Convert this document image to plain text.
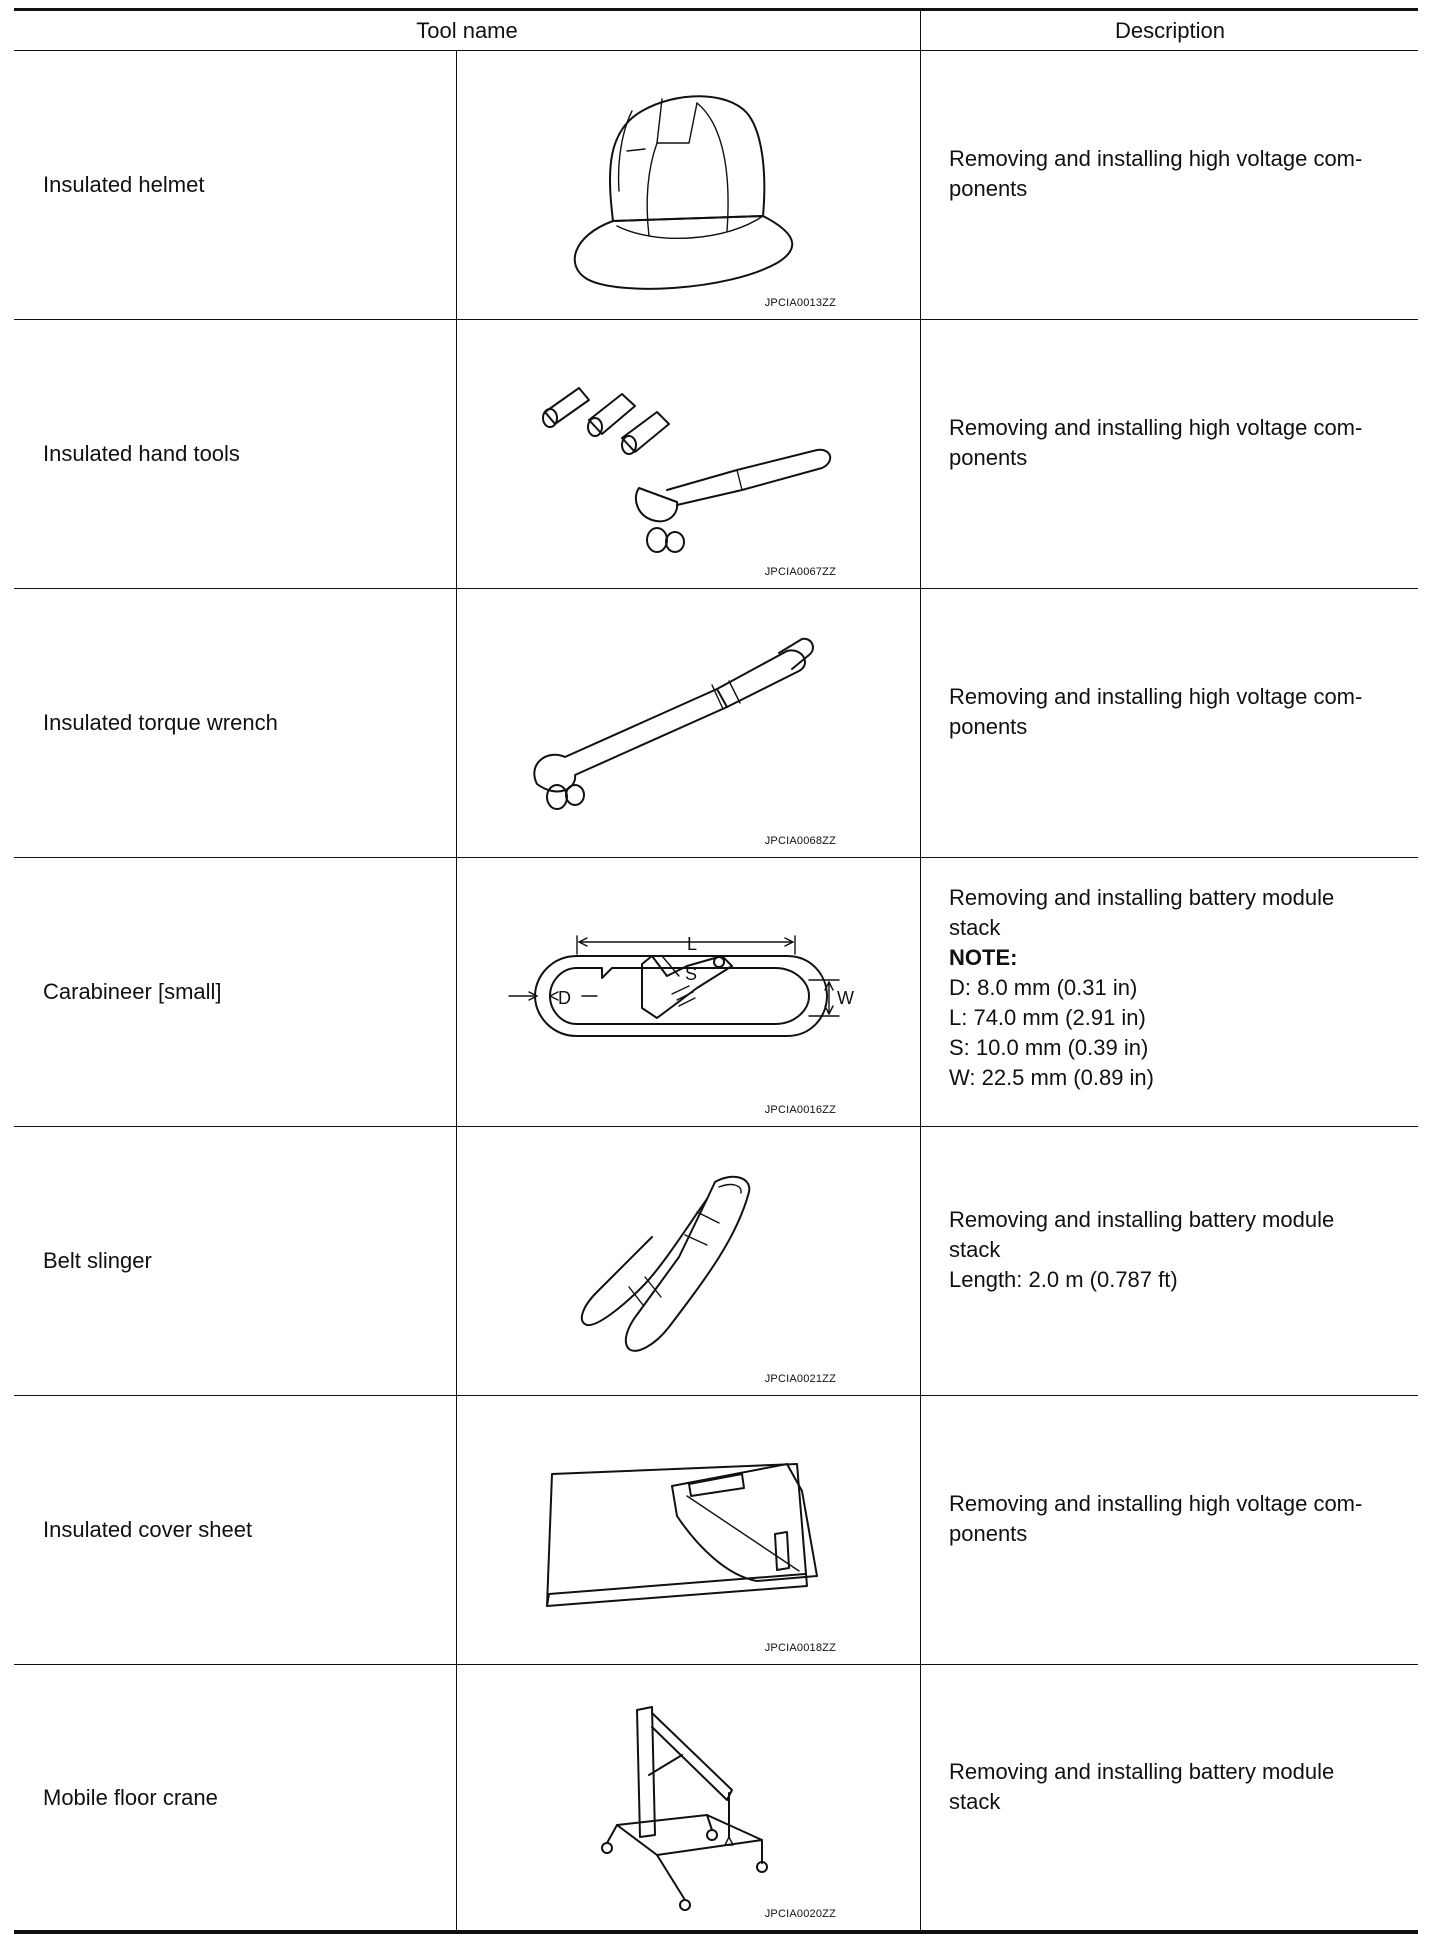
Tool name	Description
Insulated helmet
JPCIA0013ZZ
Removing and installing high voltage com-
ponents
Insulated hand tools
JPCIA0067ZZ
Removing and installing high voltage com-
ponents
Insulated torque wrench
JPCIA0068ZZ
Removing and installing high voltage com-
ponents
Carabineer [small]
L
S
D	W
JPCIA0016ZZ
Removing and installing battery module
stack
NOTE:
D: 8.0 mm (0.31 in)
L: 74.0 mm (2.91 in)
S: 10.0 mm (0.39 in)
W: 22.5 mm (0.89 in)
Belt slinger
JPCIA0021ZZ
Removing and installing battery module
stack
Length: 2.0 m (0.787 ft)
Insulated cover sheet
JPCIA0018ZZ
Removing and installing high voltage com-
ponents
Mobile floor crane
JPCIA0020ZZ
Removing and installing battery module
stack
